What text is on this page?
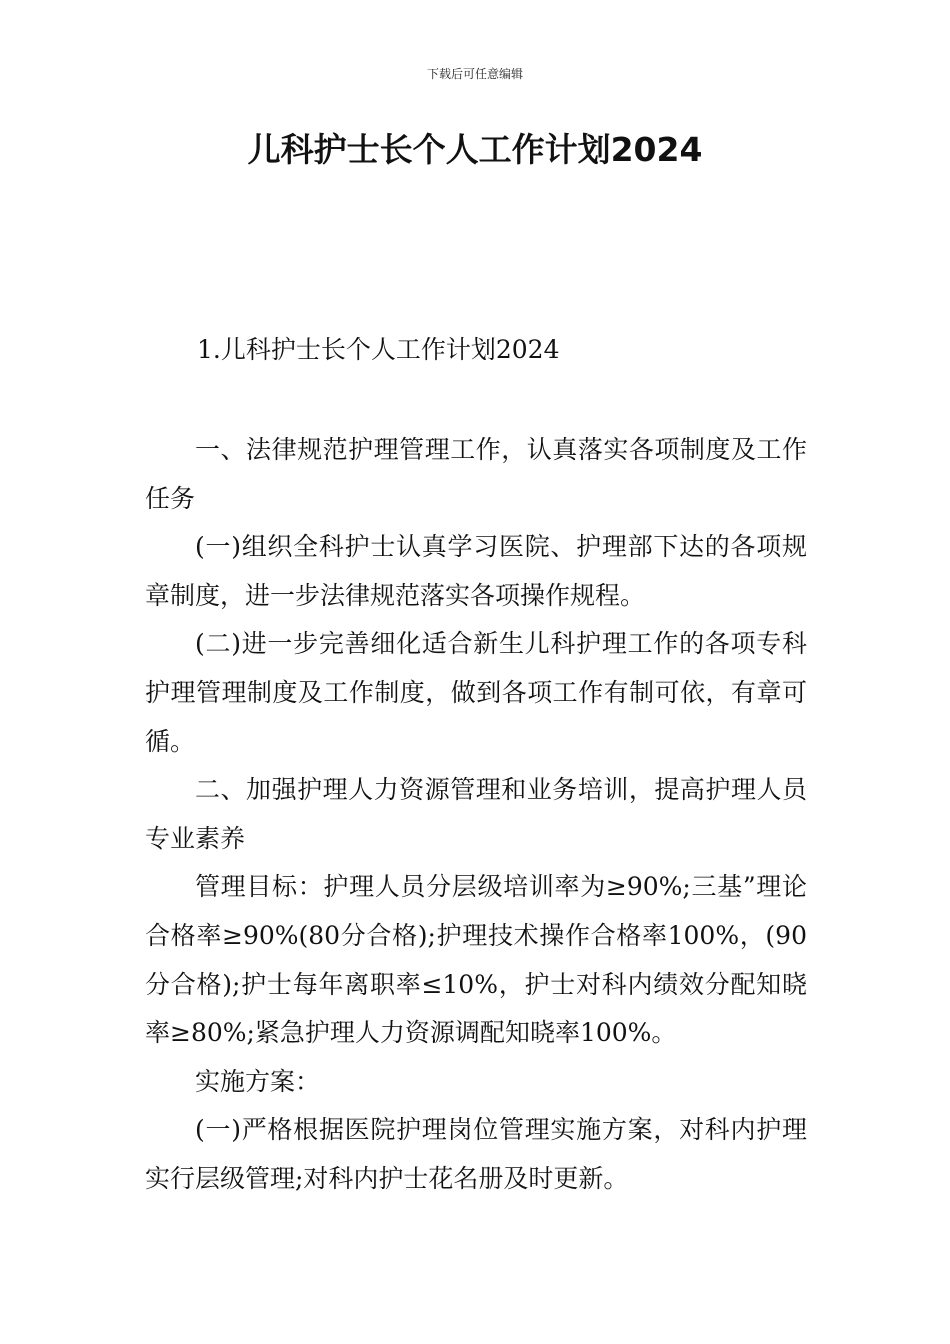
下载后可任意编辑
儿科护士长个人工作计划2024

1.儿科护士长个人工作计划2024

一、法律规范护理管理工作，认真落实各项制度及工作任务

(一)组织全科护士认真学习医院、护理部下达的各项规章制度，进一步法律规范落实各项操作规程。

(二)进一步完善细化适合新生儿科护理工作的各项专科护理管理制度及工作制度，做到各项工作有制可依，有章可循。

二、加强护理人力资源管理和业务培训，提高护理人员专业素养

管理目标：护理人员分层级培训率为≥90%;三基”理论合格率≥90%(80分合格);护理技术操作合格率100%，(90分合格);护士每年离职率≤10%，护士对科内绩效分配知晓率≥80%;紧急护理人力资源调配知晓率100%。

实施方案：

(一)严格根据医院护理岗位管理实施方案，对科内护理实行层级管理;对科内护士花名册及时更新。
